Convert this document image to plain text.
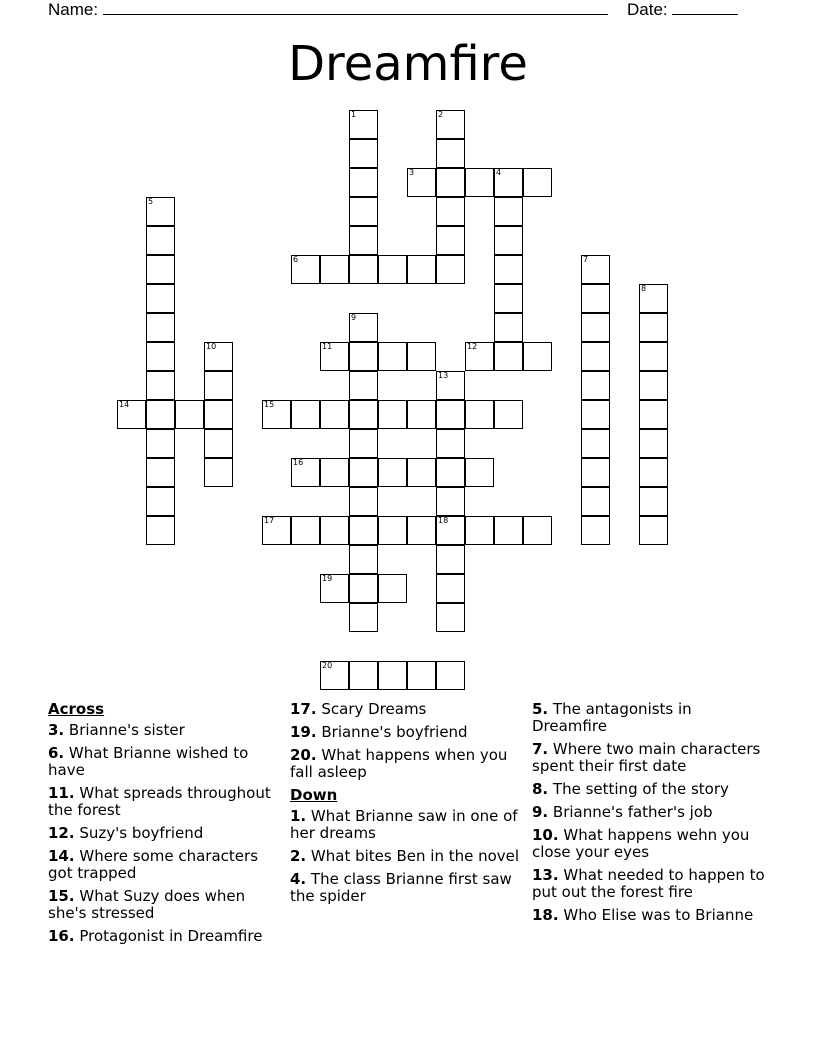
Name:	Date:
Dreamfire
1	2
3	4
5
6	7
8
9
10	11	12
13
18
14	15
16
17
19
20
Across
3. Brianne's sister
6. What Brianne wished to have
11. What spreads throughout the forest
12. Suzy's boyfriend
14. Where some characters got trapped
15. What Suzy does when she's stressed
16. Protagonist in Dreamfire
17. Scary Dreams
19. Brianne's boyfriend
20. What happens when you fall asleep
Down
1. What Brianne saw in one of her dreams
2. What bites Ben in the novel
4. The class Brianne first saw the spider
5. The antagonists in Dreamfire
7. Where two main characters spent their first date
8. The setting of the story
9. Brianne's father's job
10. What happens wehn you close your eyes
13. What needed to happen to put out the forest fire
18. Who Elise was to Brianne
